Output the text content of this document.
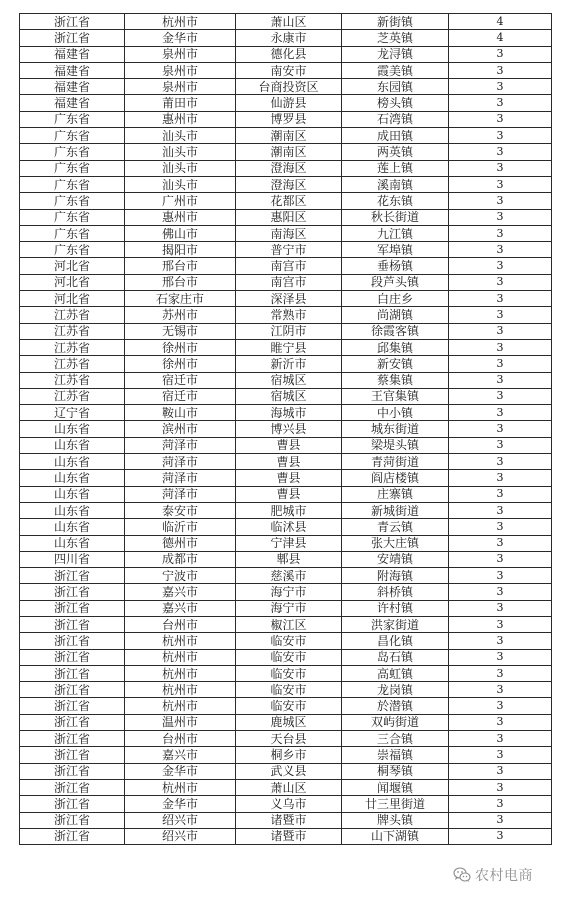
浙江省	杭州市	萧山区	新街镇	4
浙江省	金华市	永康市	芝英镇	4
福建省	泉州市	德化县	龙浔镇	3
福建省	泉州市	南安市	霞美镇	3
福建省	泉州市	台商投资区	东园镇	3
福建省	莆田市	仙游县	榜头镇	3
广东省	惠州市	博罗县	石湾镇	3
广东省	汕头市	潮南区	成田镇	3
广东省	汕头市	潮南区	两英镇	3
广东省	汕头市	澄海区	莲上镇	3
广东省	汕头市	澄海区	溪南镇	3
广东省	广州市	花都区	花东镇	3
广东省	惠州市	惠阳区	秋长街道	3
广东省	佛山市	南海区	九江镇	3
广东省	揭阳市	普宁市	军埠镇	3
河北省	邢台市	南宫市	垂杨镇	3
河北省	邢台市	南宫市	段芦头镇	3
河北省	石家庄市	深泽县	白庄乡	3
江苏省	苏州市	常熟市	尚湖镇	3
江苏省	无锡市	江阴市	徐霞客镇	3
江苏省	徐州市	睢宁县	邱集镇	3
江苏省	徐州市	新沂市	新安镇	3
江苏省	宿迁市	宿城区	蔡集镇	3
江苏省	宿迁市	宿城区	王官集镇	3
辽宁省	鞍山市	海城市	中小镇	3
山东省	滨州市	博兴县	城东街道	3
山东省	菏泽市	曹县	梁堤头镇	3
山东省	菏泽市	曹县	青菏街道	3
山东省	菏泽市	曹县	阎店楼镇	3
山东省	菏泽市	曹县	庄寨镇	3
山东省	泰安市	肥城市	新城街道	3
山东省	临沂市	临沭县	青云镇	3
山东省	德州市	宁津县	张大庄镇	3
四川省	成都市	郫县	安靖镇	3
浙江省	宁波市	慈溪市	附海镇	3
浙江省	嘉兴市	海宁市	斜桥镇	3
浙江省	嘉兴市	海宁市	许村镇	3
浙江省	台州市	椒江区	洪家街道	3
浙江省	杭州市	临安市	昌化镇	3
浙江省	杭州市	临安市	岛石镇	3
浙江省	杭州市	临安市	高虹镇	3
浙江省	杭州市	临安市	龙岗镇	3
浙江省	杭州市	临安市	於潜镇	3
浙江省	温州市	鹿城区	双屿街道	3
浙江省	台州市	天台县	三合镇	3
浙江省	嘉兴市	桐乡市	崇福镇	3
浙江省	金华市	武义县	桐琴镇	3
浙江省	杭州市	萧山区	闻堰镇	3
浙江省	金华市	义乌市	廿三里街道	3
浙江省	绍兴市	诸暨市	牌头镇	3
浙江省	绍兴市	诸暨市	山下湖镇	3
农村电商
